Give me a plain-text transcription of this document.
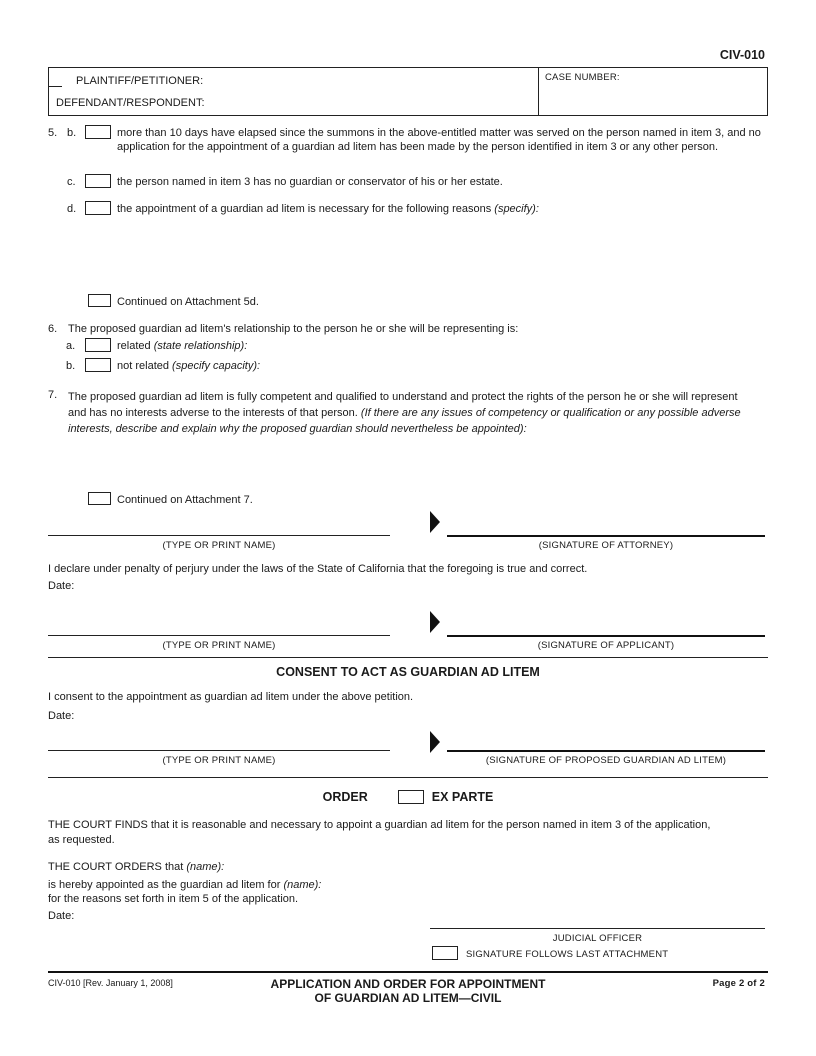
CIV-010
PLAINTIFF/PETITIONER:
DEFENDANT/RESPONDENT:
CASE NUMBER:
5. b.	more than 10 days have elapsed since the summons in the above-entitled matter was served on the person named in item 3, and no application for the appointment of a guardian ad litem has been made by the person identified in item 3 or any other person.
c.	the person named in item 3 has no guardian or conservator of his or her estate.
d.	the appointment of a guardian ad litem is necessary for the following reasons (specify):
Continued on Attachment 5d.
6. The proposed guardian ad litem's relationship to the person he or she will be representing is:
a.	related (state relationship):
b.	not related (specify capacity):
7. The proposed guardian ad litem is fully competent and qualified to understand and protect the rights of the person he or she will represent and has no interests adverse to the interests of that person. (If there are any issues of competency or qualification or any possible adverse interests, describe and explain why the proposed guardian should nevertheless be appointed):
Continued on Attachment 7.
(TYPE OR PRINT NAME)	(SIGNATURE OF ATTORNEY)
I declare under penalty of perjury under the laws of the State of California that the foregoing is true and correct.
Date:
(TYPE OR PRINT NAME)	(SIGNATURE OF APPLICANT)
CONSENT TO ACT AS GUARDIAN AD LITEM
I consent to the appointment as guardian ad litem under the above petition.
Date:
(TYPE OR PRINT NAME)	(SIGNATURE OF PROPOSED GUARDIAN AD LITEM)
ORDER	EX PARTE
THE COURT FINDS that it is reasonable and necessary to appoint a guardian ad litem for the person named in item 3 of the application, as requested.
THE COURT ORDERS that (name):
is hereby appointed as the guardian ad litem for (name):
for the reasons set forth in item 5 of the application.
Date:
JUDICIAL OFFICER
SIGNATURE FOLLOWS LAST ATTACHMENT
CIV-010 [Rev. January 1, 2008]	APPLICATION AND ORDER FOR APPOINTMENT
OF GUARDIAN AD LITEM—CIVIL
Page 2 of 2
